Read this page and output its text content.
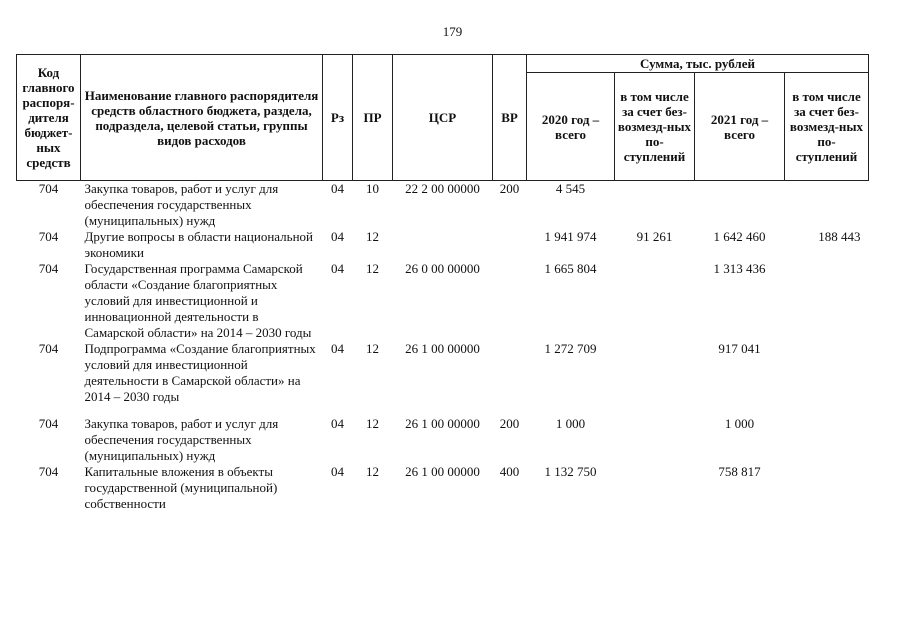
179
Код главного распоря-дителя бюджет-ных средств	Наименование главного распорядителя средств областного бюджета, раздела, подраздела, целевой статьи, группы видов расходов	Рз	ПР	ЦСР	ВР	Сумма, тыс. рублей			
						2020 год – всего	в том числе за счет без-возмезд-ных по-ступлений	2021 год – всего	в том числе за счет без-возмезд-ных по-ступлений
704	Закупка товаров, работ и услуг для обеспечения государственных (муниципальных) нужд	04	10	22 2 00 00000	200	4 545			
704	Другие вопросы в области национальной экономики	04	12			1 941 974	91 261	1 642 460	188 443
704	Государственная программа Самарской области «Создание благоприятных условий для инвестиционной и инновационной деятельности в Самарской области» на 2014 – 2030 годы	04	12	26 0 00 00000		1 665 804		1 313 436	
704	Подпрограмма «Создание благоприятных условий для инвестиционной деятельности в Самарской области» на 2014 – 2030 годы	04	12	26 1 00 00000		1 272 709		917 041	
704	Закупка товаров, работ и услуг для обеспечения государственных (муниципальных) нужд	04	12	26 1 00 00000	200	1 000		1 000	
704	Капитальные вложения в объекты государственной (муниципальной) собственности	04	12	26 1 00 00000	400	1 132 750		758 817	
